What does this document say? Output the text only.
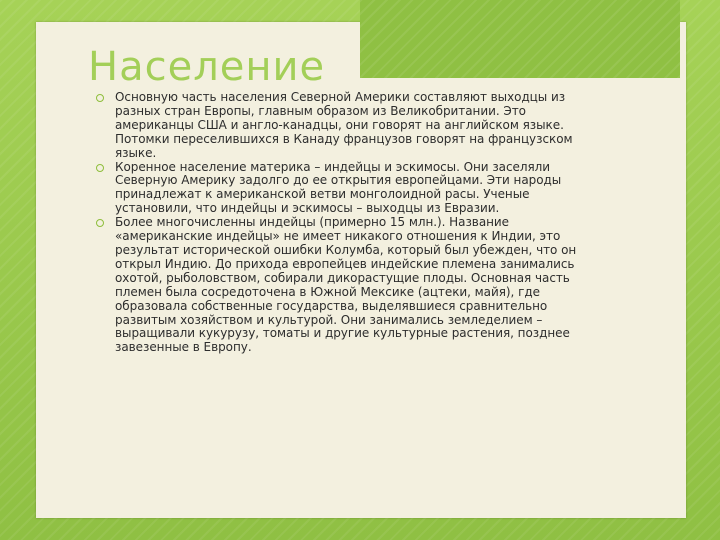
Население
Основную часть населения Северной Америки составляют выходцы из разных стран Европы, главным образом из Великобритании. Это американцы США и англо-канадцы, они говорят на английском языке. Потомки переселившихся в Канаду французов говорят на французском языке.
Коренное население материка – индейцы и эскимосы. Они заселяли Северную Америку задолго до ее открытия европейцами. Эти народы принадлежат к американской ветви монголоидной расы. Ученые установили, что индейцы и эскимосы – выходцы из Евразии.
Более многочисленны индейцы (примерно 15 млн.). Название «американские индейцы» не имеет никакого отношения к Индии, это результат исторической ошибки Колумба, который был убежден, что он открыл Индию. До прихода европейцев индейские племена занимались охотой, рыболовством, собирали дикорастущие плоды. Основная часть племен была сосредоточена в Южной Мексике (ацтеки, майя), где образовала собственные государства, выделявшиеся сравнительно развитым хозяйством и культурой. Они занимались земледелием – выращивали кукурузу, томаты и другие культурные растения, позднее завезенные в Европу.
